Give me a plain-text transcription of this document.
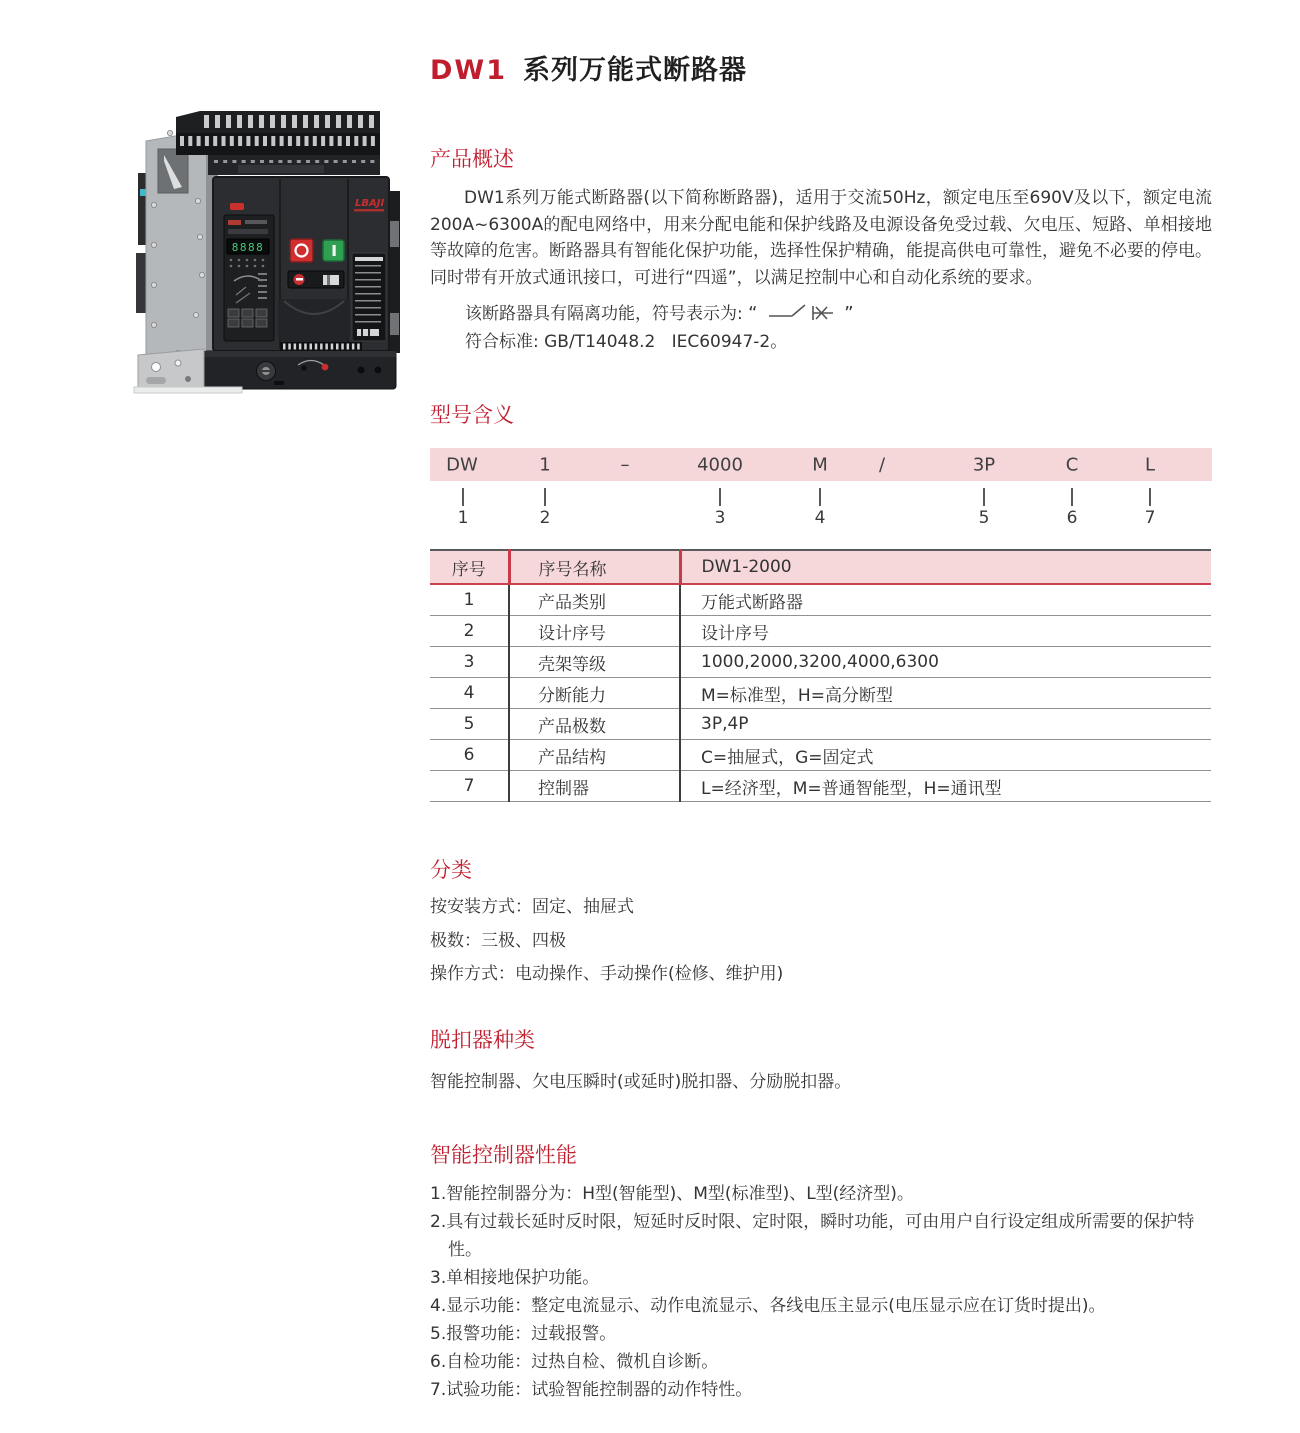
LBAJI
8888
DW1 系列万能式断路器
产品概述
DW1系列万能式断路器(以下简称断路器)，适用于交流50Hz，额定电压至690V及以下，额定电流200A~6300A的配电网络中，用来分配电能和保护线路及电源设备免受过载、欠电压、短路、单相接地等故障的危害。断路器具有智能化保护功能，选择性保护精确，能提高供电可靠性，避免不必要的停电。同时带有开放式通讯接口，可进行“四遥”，以满足控制中心和自动化系统的要求。
该断路器具有隔离功能，符号表示为: “	”
符合标准: GB/T14048.2   IEC60947-2。
型号含义
DW	1	–	4000	M	/	3P	C	L
1	2	3	4	5	6	7
序号	序号名称	DW1-2000
1	产品类别	万能式断路器
2	设计序号	设计序号
3	壳架等级	1000,2000,3200,4000,6300
4	分断能力	M=标准型，H=高分断型
5	产品极数	3P,4P
6	产品结构	C=抽屉式，G=固定式
7	控制器	L=经济型，M=普通智能型，H=通讯型
分类
按安装方式：固定、抽屉式
极数：三极、四极
操作方式：电动操作、手动操作(检修、维护用)
脱扣器种类
智能控制器、欠电压瞬时(或延时)脱扣器、分励脱扣器。
智能控制器性能
1.智能控制器分为：H型(智能型)、M型(标准型)、L型(经济型)。
2.具有过载长延时反时限，短延时反时限、定时限，瞬时功能，可由用户自行设定组成所需要的保护特性。
3.单相接地保护功能。
4.显示功能：整定电流显示、动作电流显示、各线电压主显示(电压显示应在订货时提出)。
5.报警功能：过载报警。
6.自检功能：过热自检、微机自诊断。
7.试验功能：试验智能控制器的动作特性。
